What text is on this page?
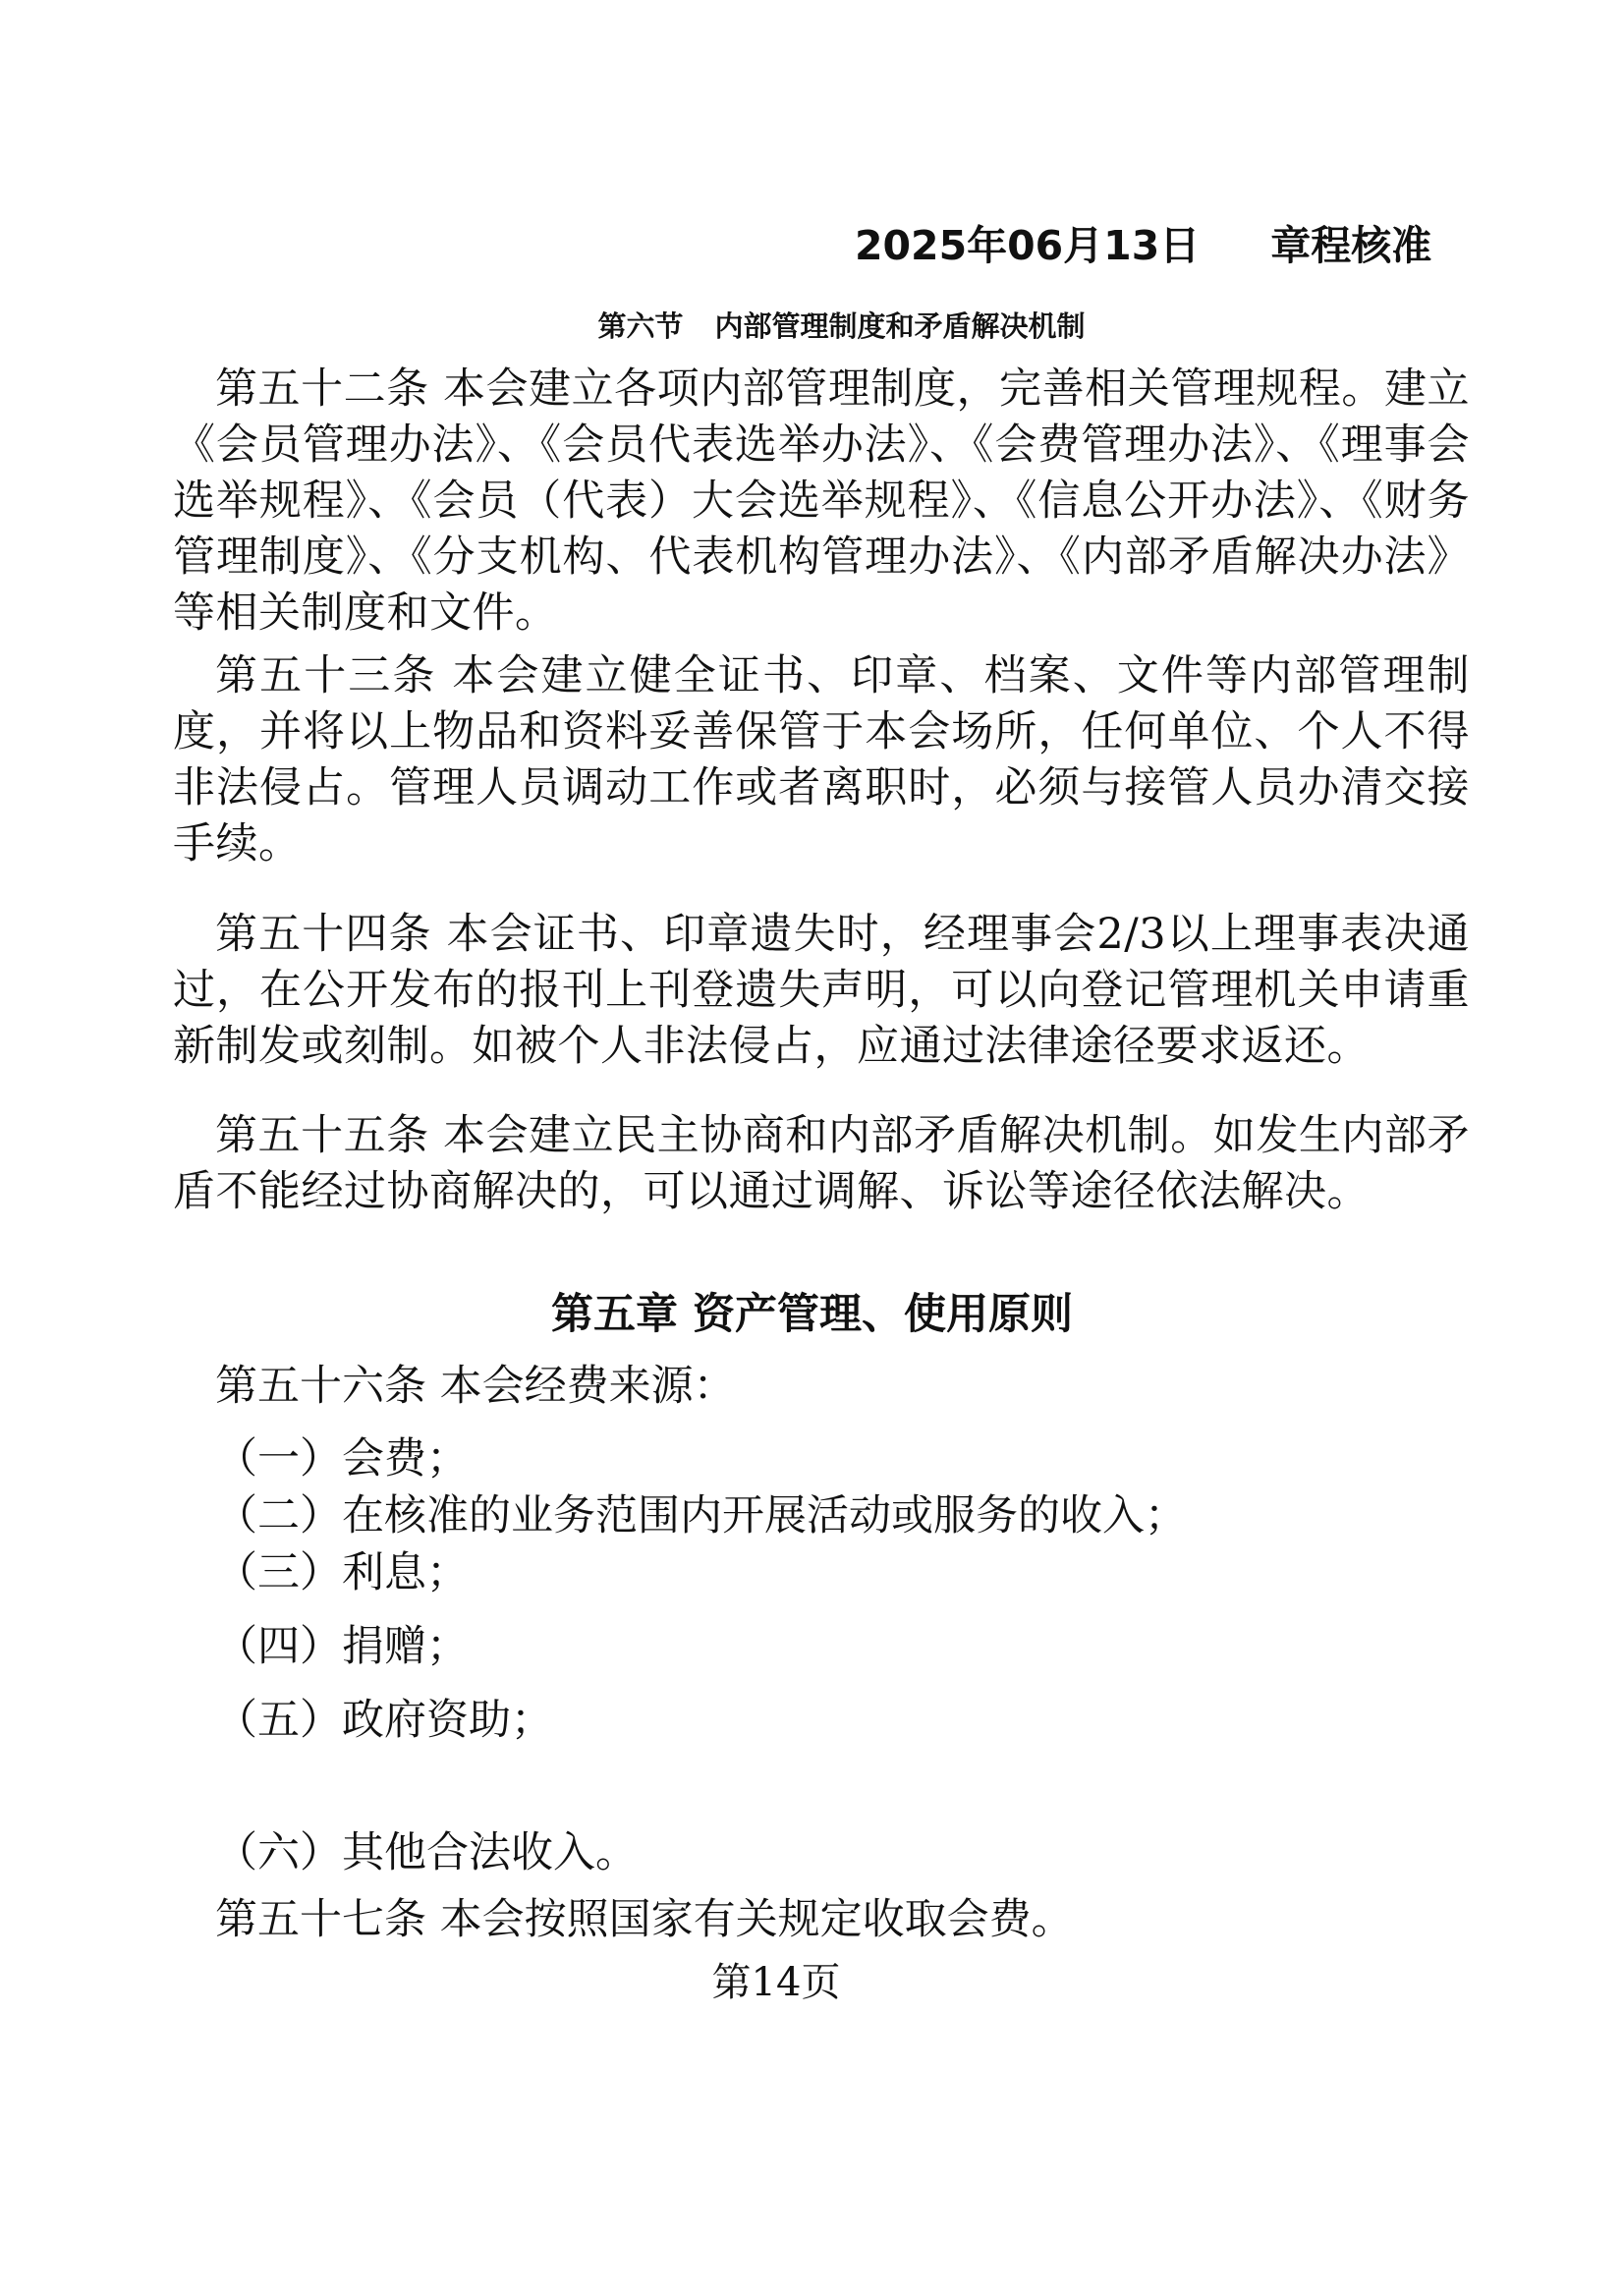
2025年06月13日 章程核准
第六节 内部管理制度和矛盾解决机制

第五十二条 本会建立各项内部管理制度，完善相关管理规程。建立《会员管理办法》、《会员代表选举办法》、《会费管理办法》、《理事会选举规程》、《会员（代表）大会选举规程》、《信息公开办法》、《财务管理制度》、《分支机构、代表机构管理办法》、《内部矛盾解决办法》等相关制度和文件。

第五十三条 本会建立健全证书、印章、档案、文件等内部管理制度，并将以上物品和资料妥善保管于本会场所，任何单位、个人不得非法侵占。管理人员调动工作或者离职时，必须与接管人员办清交接手续。

第五十四条 本会证书、印章遗失时，经理事会2/3以上理事表决通过，在公开发布的报刊上刊登遗失声明，可以向登记管理机关申请重新制发或刻制。如被个人非法侵占，应通过法律途径要求返还。

第五十五条 本会建立民主协商和内部矛盾解决机制。如发生内部矛盾不能经过协商解决的，可以通过调解、诉讼等途径依法解决。

第五章 资产管理、使用原则
第五十六条 本会经费来源：
（一）会费；
（二）在核准的业务范围内开展活动或服务的收入；
（三）利息；
（四）捐赠；
（五）政府资助；
（六）其他合法收入。
第五十七条 本会按照国家有关规定收取会费。
第14页
